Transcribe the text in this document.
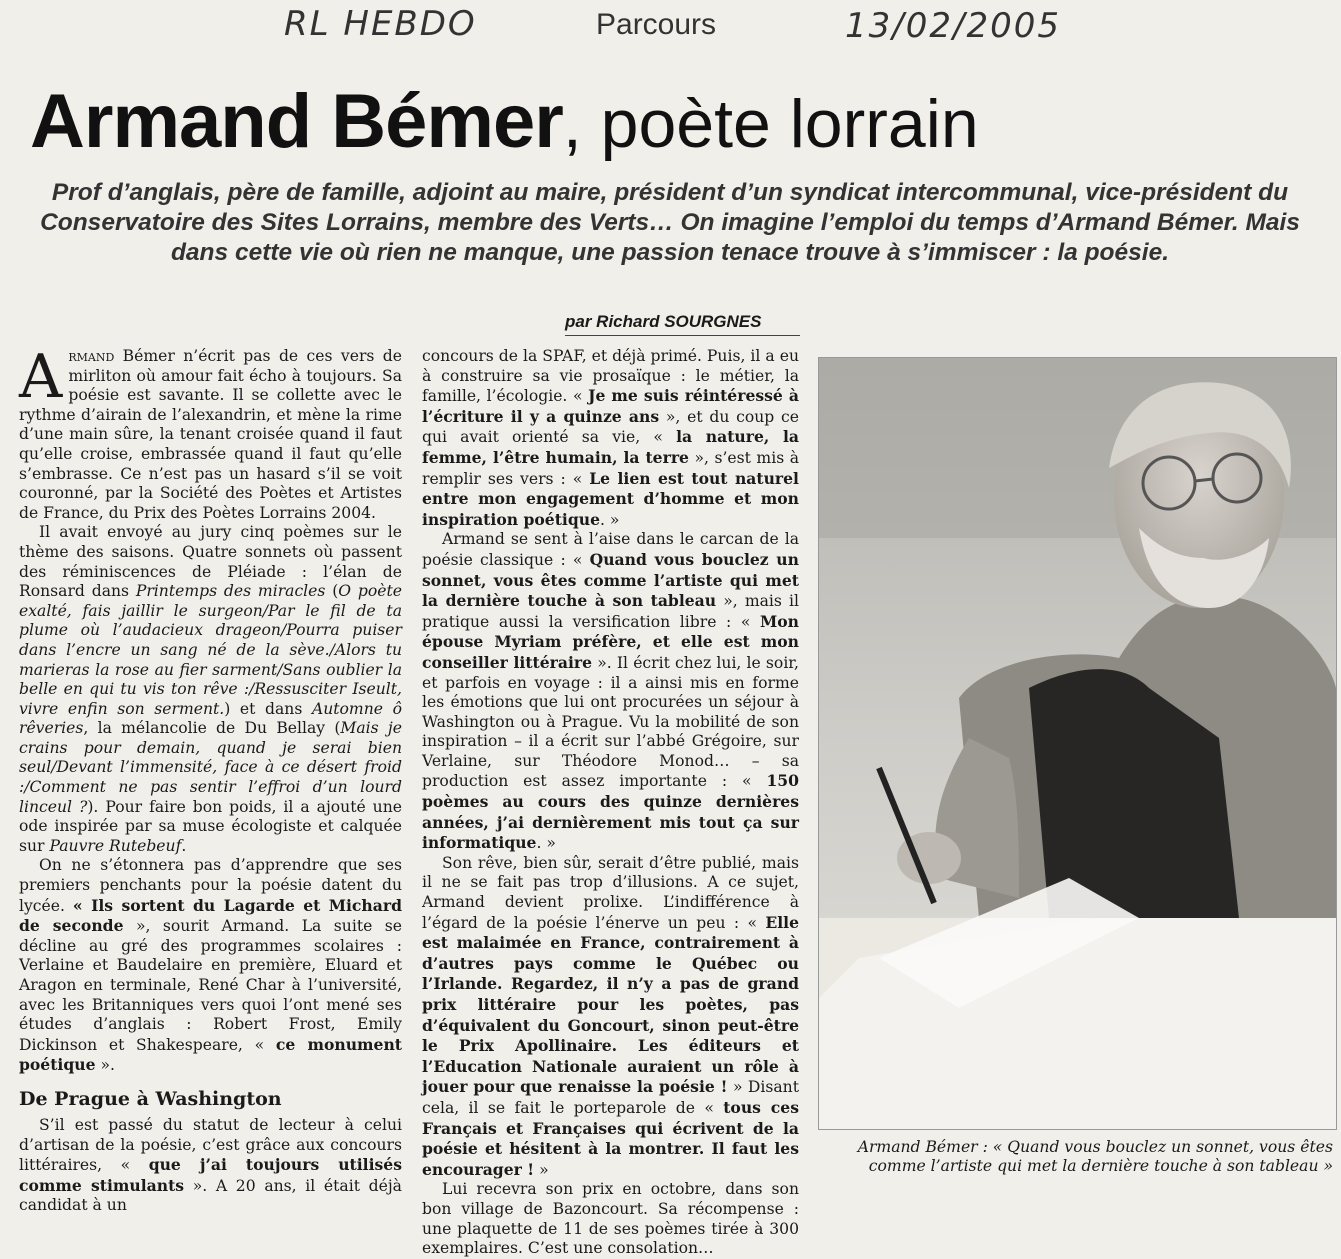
RL HEBDO	Parcours	13/02/2005
Armand Bémer, poète lorrain
Prof d’anglais, père de famille, adjoint au maire, président d’un syndicat intercommunal, vice-président du Conservatoire des Sites Lorrains, membre des Verts… On imagine l’emploi du temps d’Armand Bémer. Mais dans cette vie où rien ne manque, une passion tenace trouve à s’immiscer : la poésie.
par Richard SOURGNES

Armand Bémer n’écrit pas de ces vers de mirliton où amour fait écho à toujours. Sa poésie est savante. Il se collette avec le rythme d’airain de l’alexandrin, et mène la rime d’une main sûre, la tenant croisée quand il faut qu’elle croise, embrassée quand il faut qu’elle s’embrasse. Ce n’est pas un hasard s’il se voit couronné, par la Société des Poètes et Artistes de France, du Prix des Poètes Lorrains 2004.

Il avait envoyé au jury cinq poèmes sur le thème des saisons. Quatre sonnets où passent des réminiscences de Pléiade : l’élan de Ronsard dans Printemps des miracles (O poète exalté, fais jaillir le surgeon/Par le fil de ta plume où l’audacieux drageon/Pourra puiser dans l’encre un sang né de la sève./Alors tu marieras la rose au fier sarment/Sans oublier la belle en qui tu vis ton rêve :/Ressusciter Iseult, vivre enfin son serment.) et dans Automne ô rêveries, la mélancolie de Du Bellay (Mais je crains pour demain, quand je serai bien seul/Devant l’immensité, face à ce désert froid :/Comment ne pas sentir l’effroi d’un lourd linceul ?). Pour faire bon poids, il a ajouté une ode inspirée par sa muse écologiste et calquée sur Pauvre Rutebeuf.

On ne s’étonnera pas d’apprendre que ses premiers penchants pour la poésie datent du lycée. « Ils sortent du Lagarde et Michard de seconde », sourit Armand. La suite se décline au gré des programmes scolaires : Verlaine et Baudelaire en première, Eluard et Aragon en terminale, René Char à l’université, avec les Britanniques vers quoi l’ont mené ses études d’anglais : Robert Frost, Emily Dickinson et Shakespeare, « ce monument poétique ».

De Prague à Washington

S’il est passé du statut de lecteur à celui d’artisan de la poésie, c’est grâce aux concours littéraires, « que j’ai toujours utilisés comme stimulants ». A 20 ans, il était déjà candidat à un

concours de la SPAF, et déjà primé. Puis, il a eu à construire sa vie prosaïque : le métier, la famille, l’écologie. « Je me suis réintéressé à l’écriture il y a quinze ans », et du coup ce qui avait orienté sa vie, « la nature, la femme, l’être humain, la terre », s’est mis à remplir ses vers : « Le lien est tout naturel entre mon engagement d’homme et mon inspiration poétique. »

Armand se sent à l’aise dans le carcan de la poésie classique : « Quand vous bouclez un sonnet, vous êtes comme l’artiste qui met la dernière touche à son tableau », mais il pratique aussi la versification libre : « Mon épouse Myriam préfère, et elle est mon conseiller littéraire ». Il écrit chez lui, le soir, et parfois en voyage : il a ainsi mis en forme les émotions que lui ont procurées un séjour à Washington ou à Prague. Vu la mobilité de son inspiration – il a écrit sur l’abbé Grégoire, sur Verlaine, sur Théodore Monod… – sa production est assez importante : « 150 poèmes au cours des quinze dernières années, j’ai dernièrement mis tout ça sur informatique. »

Son rêve, bien sûr, serait d’être publié, mais il ne se fait pas trop d’illusions. A ce sujet, Armand devient prolixe. L’indifférence à l’égard de la poésie l’énerve un peu : « Elle est malaimée en France, contrairement à d’autres pays comme le Québec ou l’Irlande. Regardez, il n’y a pas de grand prix littéraire pour les poètes, pas d’équivalent du Goncourt, sinon peut-être le Prix Apollinaire. Les éditeurs et l’Education Nationale auraient un rôle à jouer pour que renaisse la poésie ! » Disant cela, il se fait le porteparole de « tous ces Français et Françaises qui écrivent de la poésie et hésitent à la montrer. Il faut les encourager ! »

Lui recevra son prix en octobre, dans son bon village de Bazoncourt. Sa récompense : une plaquette de 11 de ses poèmes tirée à 300 exemplaires. C’est une consolation…

Armand Bémer : « Quand vous bouclez un sonnet, vous êtes comme l’artiste qui met la dernière touche à son tableau »
